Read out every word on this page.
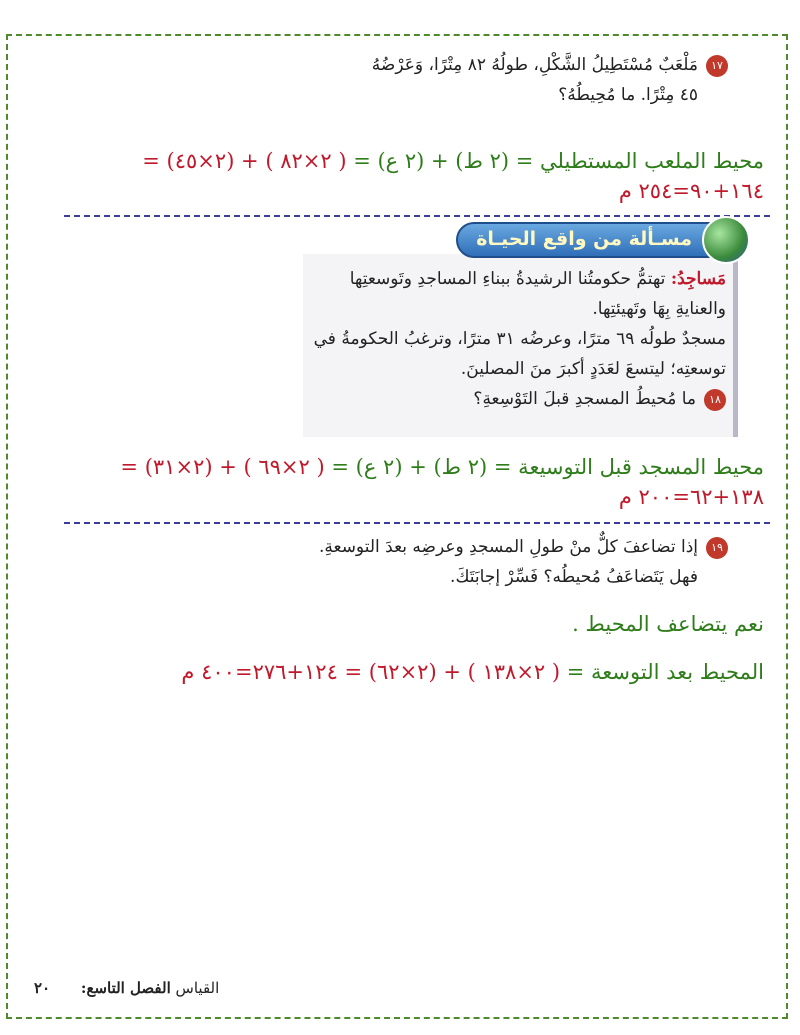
١٧مَلْعَبٌ مُسْتَطِيلُ الشَّكْلِ، طولُهُ ٨٢ مِتْرًا، وَعَرْضُهُ
٤٥ مِتْرًا. ما مُحِيطُهُ؟
محيط الملعب المستطيلي = (٢ ط) + (٢ ع) = ( ٢×٨٢ ) + (٢×٤٥) =
١٦٤+٩٠=٢٥٤ م
مسـألة من واقع الحيـاة
مَساجِدُ: تهتمُّ حكومتُنا الرشيدةُ ببناءِ المساجدِ وتَوسعتِها
والعنايةِ بِهَا وتَهيئتِها.
مسجدٌ طولُه ٦٩ مترًا، وعرضُه ٣١ مترًا، وترغبُ الحكومةُ في
توسعتِه؛ ليتسعَ لعَدَدٍ أكبرَ منَ المصلينَ.
١٨ما مُحيطُ المسجدِ قبلَ التَوْسِعةِ؟
محيط المسجد قبل التوسيعة = (٢ ط) + (٢ ع) = ( ٢×٦٩ ) + (٢×٣١) =
١٣٨+٦٢=٢٠٠ م
١٩إذا تضاعفَ كلٌّ منْ طولِ المسجدِ وعرضِه بعدَ التوسعةِ.
فهل يَتَضاعَفُ مُحيطُه؟ فَسِّرْ إجابَتَكَ.
نعم يتضاعف المحيط .
المحيط بعد التوسعة = ( ٢×١٣٨ ) + (٢×٦٢) = ١٢٤+٢٧٦=٤٠٠ م
القياس الفصل التاسع: ٢٠
